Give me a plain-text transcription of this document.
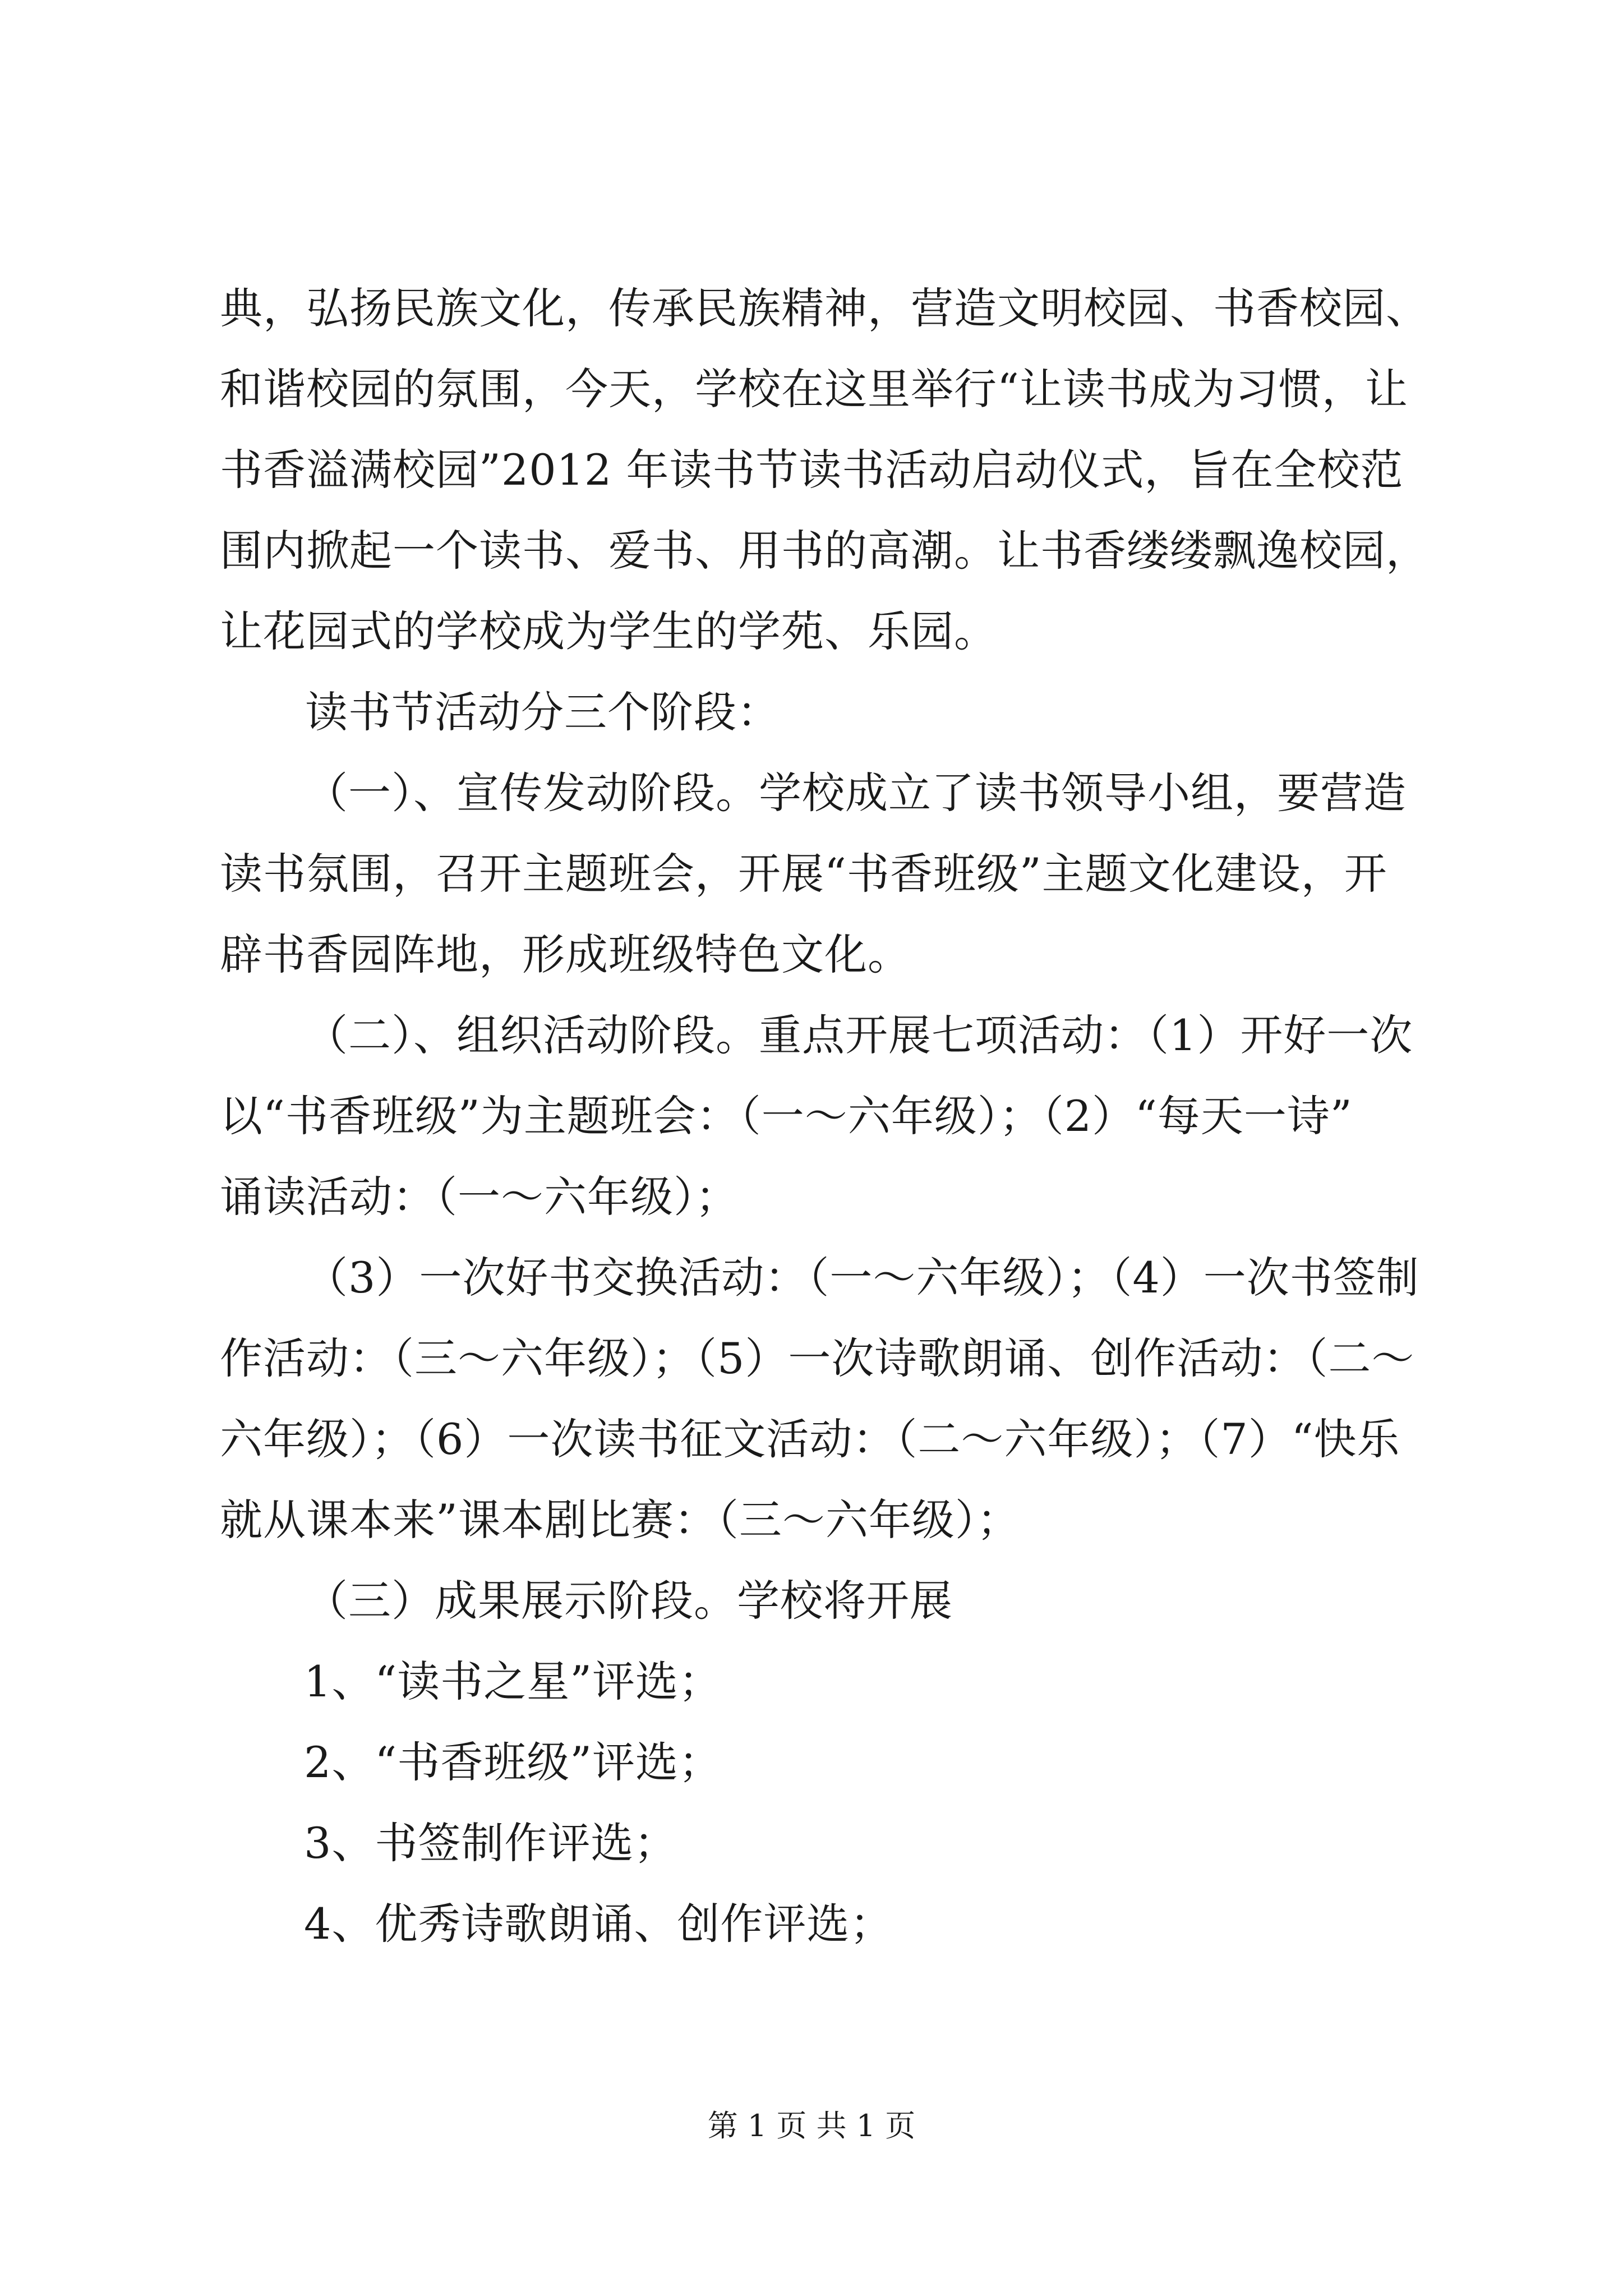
典，弘扬民族文化，传承民族精神，营造文明校园、书香校园、
和谐校园的氛围，今天，学校在这里举行“让读书成为习惯，让
书香溢满校园”2012 年读书节读书活动启动仪式，旨在全校范
围内掀起一个读书、爱书、用书的高潮。让书香缕缕飘逸校园，
让花园式的学校成为学生的学苑、乐园。
读书节活动分三个阶段：
（一）、宣传发动阶段。学校成立了读书领导小组，要营造
读书氛围，召开主题班会，开展“书香班级”主题文化建设，开
辟书香园阵地，形成班级特色文化。
（二）、组织活动阶段。重点开展七项活动：（1）开好一次
以“书香班级”为主题班会：（一～六年级）；（2）“每天一诗”
诵读活动：（一～六年级）；
（3）一次好书交换活动：（一～六年级）；（4）一次书签制
作活动：（三～六年级）；（5）一次诗歌朗诵、创作活动：（二～
六年级）；（6）一次读书征文活动：（二～六年级）；（7）“快乐
就从课本来”课本剧比赛：（三～六年级）；
（三）成果展示阶段。学校将开展
1、“读书之星”评选；
2、“书香班级”评选；
3、书签制作评选；
4、优秀诗歌朗诵、创作评选；
第 1 页 共 1 页
